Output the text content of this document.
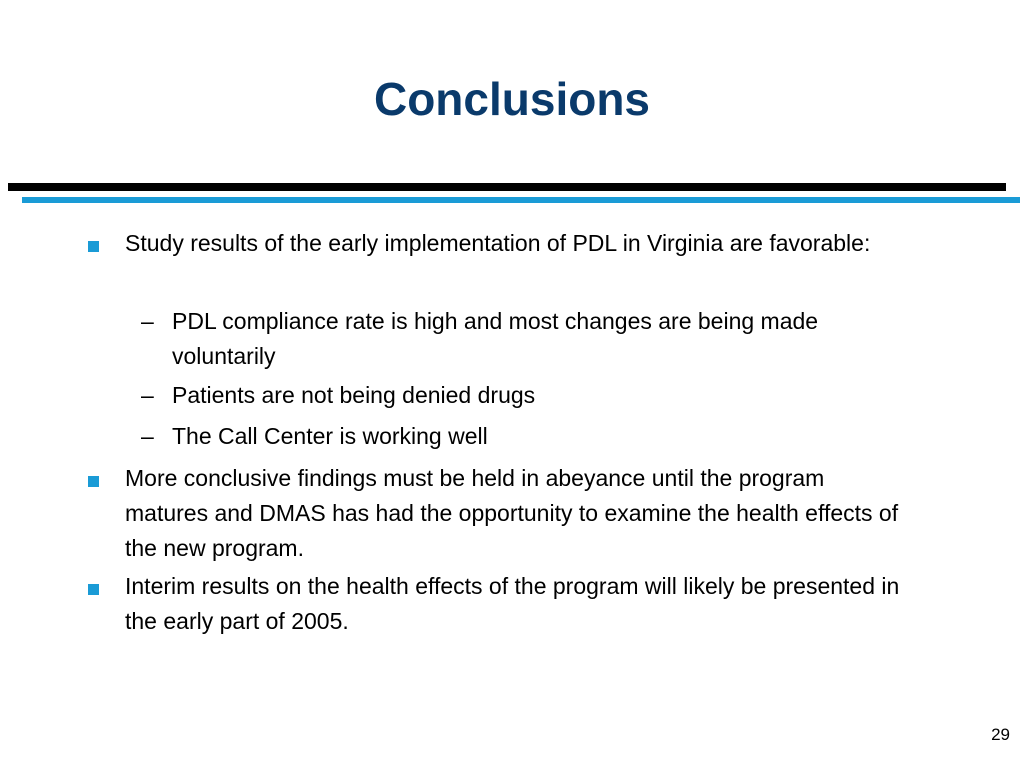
Conclusions
Study results of the early implementation of PDL in Virginia are favorable:
– PDL compliance rate is high and most changes are being made voluntarily
– Patients are not being denied drugs
– The Call Center is working well
More conclusive findings must be held in abeyance until the program matures and DMAS has had the opportunity to examine the health effects of the new program.
Interim results on the health effects of the program will likely be presented in the early part of 2005.
29
